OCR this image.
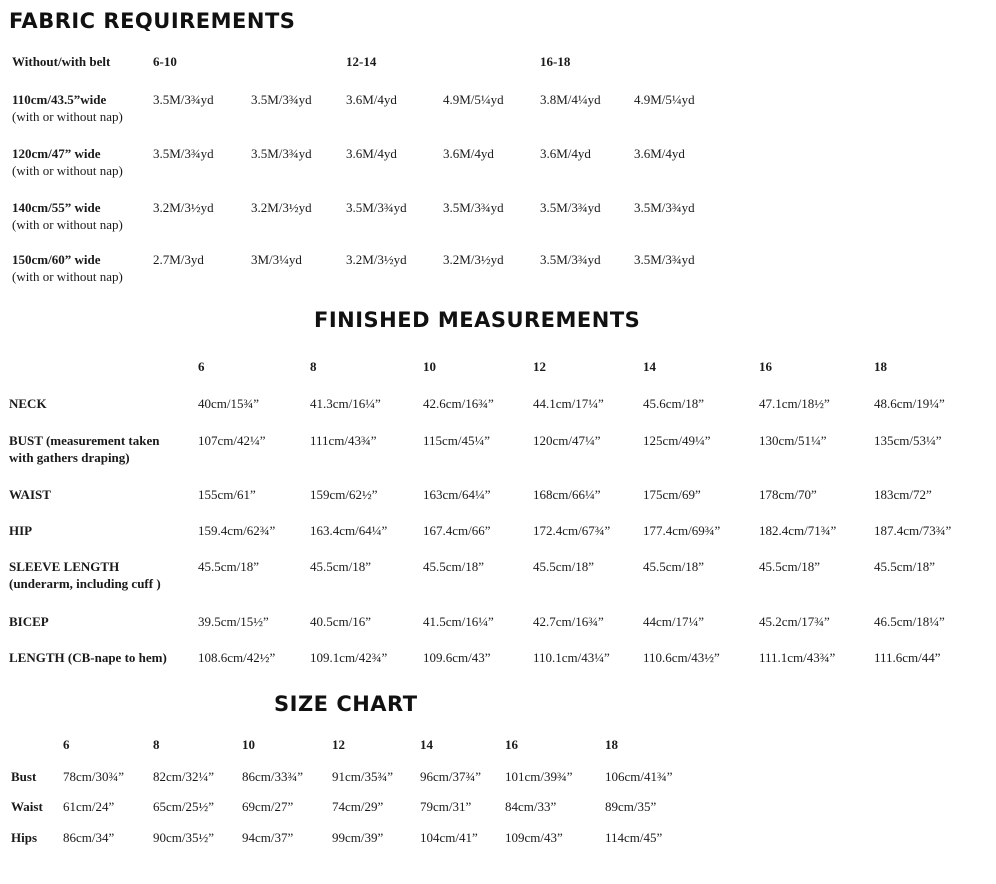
FABRIC REQUIREMENTS
Without/with belt	6-10	12-14	16-18
110cm/43.5”wide
(with or without nap)
3.5M/3¾yd	3.5M/3¾yd	3.6M/4yd	4.9M/5¼yd	3.8M/4¼yd	4.9M/5¼yd
120cm/47” wide
(with or without nap)
3.5M/3¾yd	3.5M/3¾yd	3.6M/4yd	3.6M/4yd	3.6M/4yd	3.6M/4yd
140cm/55” wide
(with or without nap)
3.2M/3½yd	3.2M/3½yd	3.5M/3¾yd	3.5M/3¾yd	3.5M/3¾yd	3.5M/3¾yd
150cm/60” wide
(with or without nap)
2.7M/3yd	3M/3¼yd	3.2M/3½yd	3.2M/3½yd	3.5M/3¾yd	3.5M/3¾yd
FINISHED MEASUREMENTS
6	8	10	12	14	16	18
NECK	40cm/15¾”	41.3cm/16¼”	42.6cm/16¾”	44.1cm/17¼”	45.6cm/18”	47.1cm/18½”	48.6cm/19¼”
BUST (measurement taken
with gathers draping)
107cm/42¼”	111cm/43¾”	115cm/45¼”	120cm/47¼”	125cm/49¼”	130cm/51¼”	135cm/53¼”
WAIST	155cm/61”	159cm/62½”	163cm/64¼”	168cm/66¼”	175cm/69”	178cm/70”	183cm/72”
HIP	159.4cm/62¾”	163.4cm/64¼”	167.4cm/66”	172.4cm/67¾”	177.4cm/69¾”	182.4cm/71¾”	187.4cm/73¾”
SLEEVE LENGTH
(underarm, including cuff )
45.5cm/18”	45.5cm/18”	45.5cm/18”	45.5cm/18”	45.5cm/18”	45.5cm/18”	45.5cm/18”
BICEP	39.5cm/15½”	40.5cm/16”	41.5cm/16¼”	42.7cm/16¾”	44cm/17¼”	45.2cm/17¾”	46.5cm/18¼”
LENGTH (CB-nape to hem) 108.6cm/42½”	109.1cm/42¾”	109.6cm/43”	110.1cm/43¼”	110.6cm/43½”	111.1cm/43¾”	111.6cm/44”
SIZE CHART
6	8	10	12	14	16	18
Bust 78cm/30¾” 82cm/32¼” 86cm/33¾” 91cm/35¾” 96cm/37¾” 101cm/39¾” 106cm/41¾”
Waist 61cm/24”	65cm/25½” 69cm/27”	74cm/29”	79cm/31”	84cm/33”	89cm/35”
Hips 86cm/34”	90cm/35½” 94cm/37”	99cm/39”	104cm/41” 109cm/43”	114cm/45”
